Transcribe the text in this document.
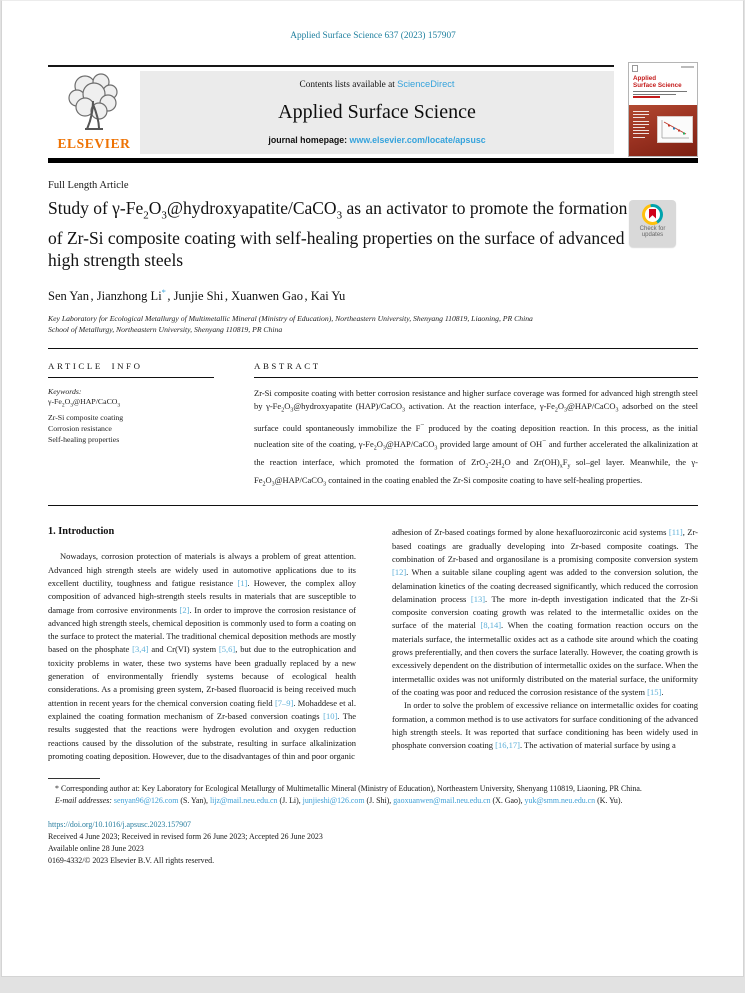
Applied Surface Science 637 (2023) 157907
ELSEVIER
Contents lists available at ScienceDirect
Applied Surface Science
journal homepage: www.elsevier.com/locate/apsusc
Applied
Surface Science
Full Length Article
Study of $\gamma-Fe_2O_3@hydroxyapatite/CaCO_3$ as an activator to promote the formation of Zr-Si composite coating with self-healing properties on the surface of advanced high strength steels
Check for
updates
Sen Yan , Jianzhong Li* , Junjie Shi , Xuanwen Gao , Kai Yu
Key Laboratory for Ecological Metallurgy of Multimetallic Mineral (Ministry of Education), Northeastern University, Shenyang 110819, Liaoning, PR China
School of Metallurgy, Northeastern University, Shenyang 110819, PR China
ARTICLE INFO
Keywords:
$\gamma-Fe_2O_3@HAP/CaCO_3$
Zr-Si composite coating
Corrosion resistance
Self-healing properties
ABSTRACT
Zr-Si composite coating with better corrosion resistance and higher surface coverage was formed for advanced high strength steel by $\gamma-Fe_2O_3@hydroxyapatite$ (HAP)/CaCO$_3$ activation. At the reaction interface, $\gamma-Fe_2O_3@HAP/CaCO_3$ adsorbed on the steel surface could spontaneously immobilize the F− produced by the coating deposition reaction. In this process, as the initial nucleation site of the coating, $\gamma-Fe_2O_3@HAP/CaCO_3$ provided large amount of OH− and further accelerated the alkalinization at the reaction interface, which promoted the formation of $ZrO_2-2H_2O$ and $Zr(OH)_xF_y$ sol–gel layer. Meanwhile, the $\gamma-Fe_2O_3@HAP/CaCO_3$ contained in the coating enabled the Zr-Si composite coating to have self-healing properties.
1. Introduction

Nowadays, corrosion protection of materials is always a problem of great attention. Advanced high strength steels are widely used in automotive applications due to its excellent ductility, toughness and fatigue resistance [1]. However, the complex alloy composition of advanced high-strength steels results in materials that are susceptible to damage from corrosive environments [2]. In order to improve the corrosion resistance of advanced high strength steels, chemical deposition is commonly used to form a coating on the surface to protect the material. The traditional chemical deposition methods are mostly based on the phosphate [3,4] and Cr(VI) system [5,6], but due to the eutrophication and toxicity problems in water, these two systems have been gradually replaced by a new generation of environmentally friendly systems because of ecological health considerations. As a promising green system, Zr-based fluoroacid is being received much attention in recent years for the chemical conversion coating field [7–9]. Mohaddese et al. explained the coating formation mechanism of Zr-based conversion coatings [10]. The results suggested that the reactions were hydrogen evolution and oxygen reduction reactions caused by the dissolution of the substrate, resulting in surface alkalinization promoting coating deposition. However, due to the disadvantages of thin and poor organic

adhesion of Zr-based coatings formed by alone hexafluorozirconic acid systems [11], Zr-based coatings are gradually developing into Zr-based composite coatings. The combination of Zr-based and organosilane is a promising composite conversion system [12]. When a suitable silane coupling agent was added to the conversion solution, the delamination kinetics of the coating decreased significantly, which reduced the corrosion delamination process [13]. The more in-depth investigation indicated that the Zr-Si composite conversion coating growth was related to the intermetallic oxides on the surface of the material [8,14]. When the coating formation reaction occurs on the materials surface, the intermetallic oxides act as a cathode site around which the coating grows preferentially, and then covers the surface laterally. However, the coating growth is excessively dependent on the distribution of intermetallic oxides on the surface. When the intermetallic oxides was not uniformly distributed on the material surface, the uniformity of the coating was poor and reduced the corrosion resistance of the system [15].

In order to solve the problem of excessive reliance on intermetallic oxides for coating formation, a common method is to use activators for surface conditioning of the advanced high strength steels. It was reported that surface conditioning has been widely used in phosphate conversion coating [16,17]. The activation of material surface by using a

* Corresponding author at: Key Laboratory for Ecological Metallurgy of Multimetallic Mineral (Ministry of Education), Northeastern University, Shenyang 110819, Liaoning, PR China.
E-mail addresses: senyan96@126.com (S. Yan), lijz@mail.neu.edu.cn (J. Li), junjieshi@126.com (J. Shi), gaoxuanwen@mail.neu.edu.cn (X. Gao), yuk@smm.neu.edu.cn (K. Yu).
https://doi.org/10.1016/j.apsusc.2023.157907
Received 4 June 2023; Received in revised form 26 June 2023; Accepted 26 June 2023
Available online 28 June 2023
0169-4332/© 2023 Elsevier B.V. All rights reserved.
